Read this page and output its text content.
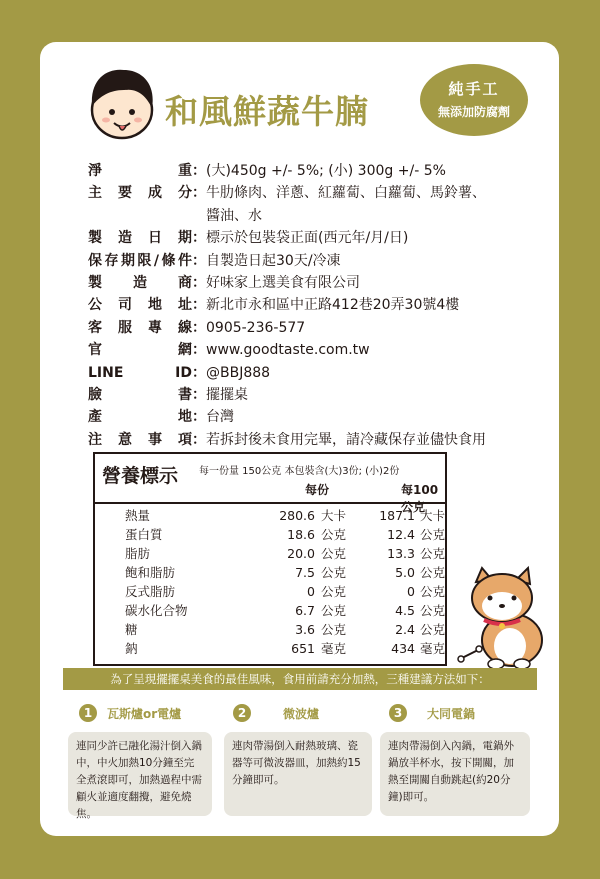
和風鮮蔬牛腩
純手工
無添加防腐劑
淨	重 ： (大)450g +/- 5%; (小) 300g +/- 5%
主 要 成 分 ： 牛肋條肉、洋蔥、紅蘿蔔、白蘿蔔、馬鈴薯、
醬油、水
製 造 日 期 ： 標示於包裝袋正面(西元年/月/日)
保 存 期 限 / 條 件 ： 自製造日起30天/冷凍
製 造 商 ： 好味家上選美食有限公司
公 司 地 址 ： 新北市永和區中正路412巷20弄30號4樓
客 服 專 線 ： 0905-236-577
官	網 ： www.goodtaste.com.tw
LINE	ID ： @BBJ888
臉	書 ： 擺擺桌
產	地 ： 台灣
注 意 事 項 ： 若拆封後未食用完畢，請冷藏保存並儘快食用
營養標示 每一份量 150公克 本包裝含(大)3份; (小)2份
每份	每100公克
熱量	280.6 大卡	187.1 大卡
蛋白質	18.6 公克	12.4 公克
脂肪	20.0 公克	13.3 公克
飽和脂肪	7.5 公克	5.0 公克
反式脂肪	0 公克	0 公克
碳水化合物	6.7 公克	4.5 公克
糖	3.6 公克	2.4 公克
鈉	651 毫克	434 毫克
為了呈現擺擺桌美食的最佳風味，食用前請充分加熱，三種建議方法如下：
1	瓦斯爐or電爐	2	微波爐	3	大同電鍋
連同少許已融化湯汁倒入鍋中，中火加熱10分鐘至完全煮滾即可，加熱過程中需顧火並適度翻攪，避免燒焦。
連肉帶湯倒入耐熱玻璃、瓷器等可微波器皿，加熱約15分鐘即可。
連肉帶湯倒入內鍋，電鍋外鍋放半杯水，按下開關，加熱至開關自動跳起(約20分鐘)即可。
